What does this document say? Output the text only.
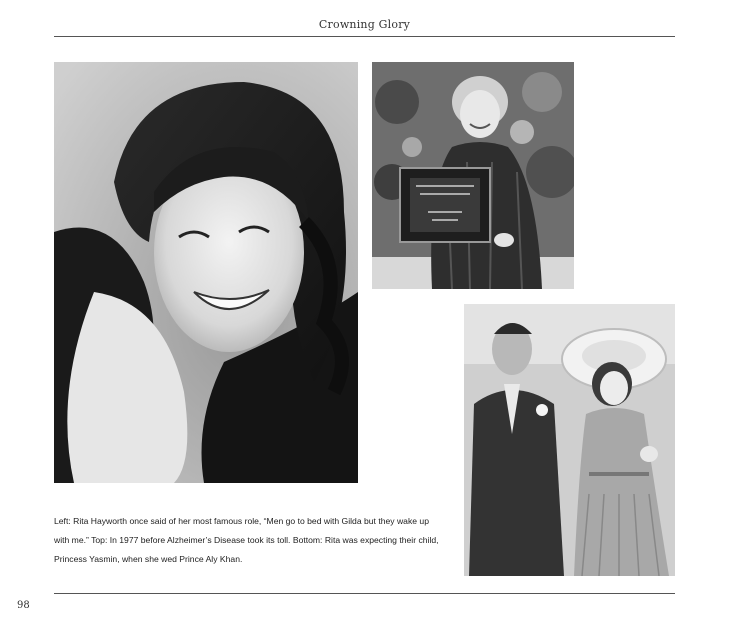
Crowning Glory

Left: Rita Hayworth once said of her most famous role, “Men go to bed with Gilda but they wake up with me.” Top: In 1977 before Alzheimer’s Disease took its toll. Bottom: Rita was expecting their child, Princess Yasmin, when she wed Prince Aly Khan.

98
